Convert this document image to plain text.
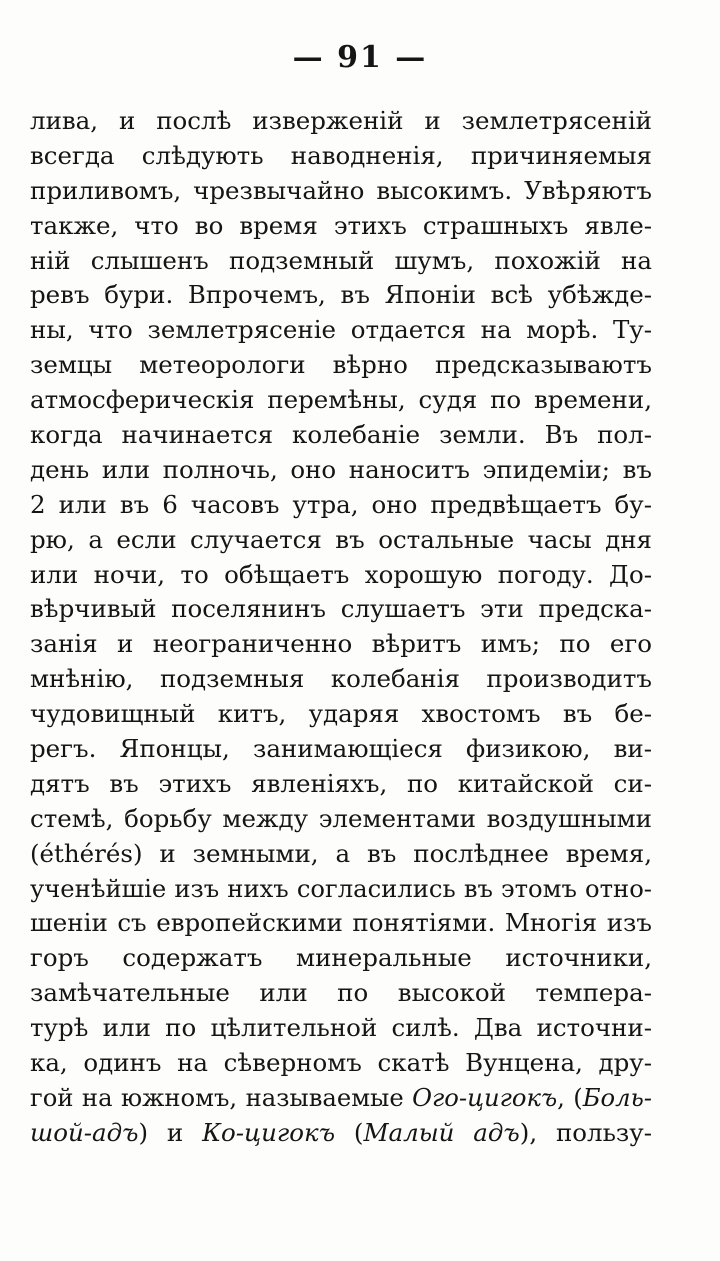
— 91 —
лива, и послѣ изверженій и землетрясеній
всегда слѣдують наводненія, причиняемыя
приливомъ, чрезвычайно высокимъ. Увѣряютъ
также, что во время этихъ страшныхъ явле-
ній слышенъ подземный шумъ, похожій на
ревъ бури. Впрочемъ, въ Японіи всѣ убѣжде-
ны, что землетрясеніе отдается на морѣ. Ту-
земцы метеорологи вѣрно предсказываютъ
атмосферическія перемѣны, судя по времени,
когда начинается колебаніе земли. Въ пол-
день или полночь, оно наноситъ эпидеміи; въ
2 или въ 6 часовъ утра, оно предвѣщаетъ бу-
рю, а если случается въ остальные часы дня
или ночи, то обѣщаетъ хорошую погоду. До-
вѣрчивый поселянинъ слушаетъ эти предска-
занія и неограниченно вѣритъ имъ; по его
мнѣнію, подземныя колебанія производитъ
чудовищный китъ, ударяя хвостомъ въ бе-
регъ. Японцы, занимающіеся физикою, ви-
дятъ въ этихъ явленіяхъ, по китайской си-
стемѣ, борьбу между элементами воздушными
(éthérés) и земными, а въ послѣднее время,
ученѣйшіе изъ нихъ согласились въ этомъ отно-
шеніи съ европейскими понятіями. Многія изъ
горъ содержатъ минеральные источники,
замѣчательные или по высокой темпера-
турѣ или по цѣлительной силѣ. Два источни-
ка, одинъ на сѣверномъ скатѣ Вунцена, дру-
гой на южномъ, называемые Ого-цигокъ, (Боль-
шой-адъ) и Ко-цигокъ (Малый адъ), пользу-
